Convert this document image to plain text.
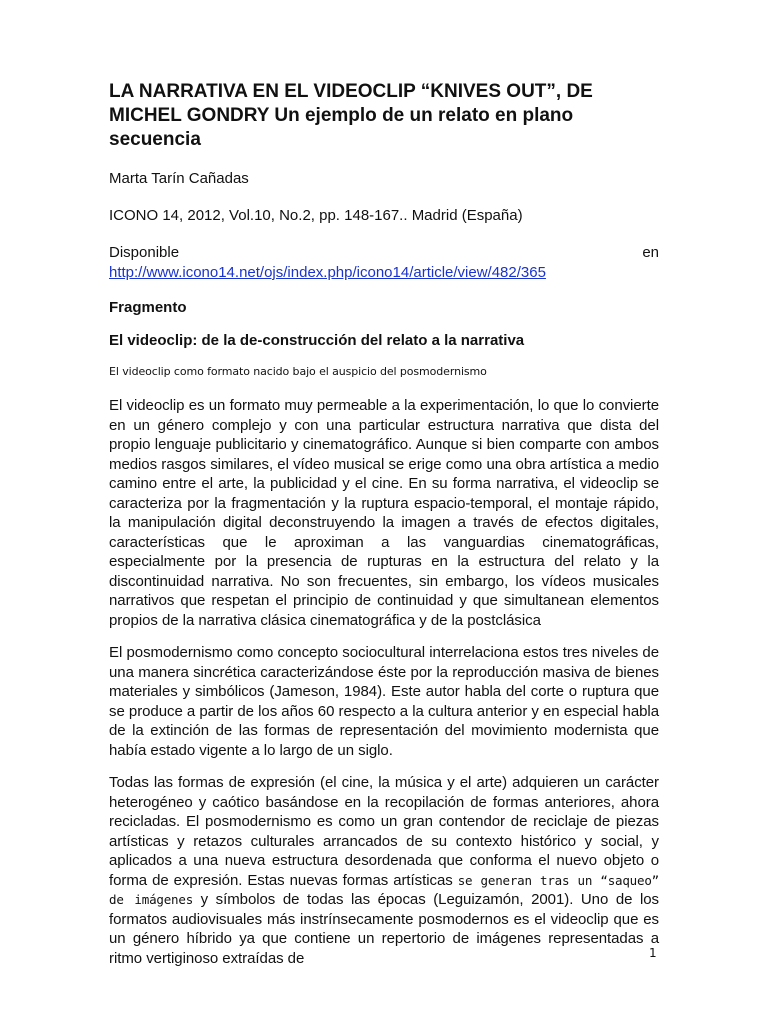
LA NARRATIVA EN EL VIDEOCLIP “KNIVES OUT”, DE MICHEL GONDRY Un ejemplo de un relato en plano secuencia
Marta Tarín Cañadas
ICONO 14, 2012, Vol.10, No.2, pp. 148-167.. Madrid (España)
Disponible	en
http://www.icono14.net/ojs/index.php/icono14/article/view/482/365
Fragmento
El videoclip: de la de-construcción del relato a la narrativa
El videoclip como formato nacido bajo el auspicio del posmodernismo

El videoclip es un formato muy permeable a la experimentación, lo que lo convierte en un género complejo y con una particular estructura narrativa que dista del propio lenguaje publicitario y cinematográfico. Aunque si bien comparte con ambos medios rasgos similares, el vídeo musical se erige como una obra artística a medio camino entre el arte, la publicidad y el cine. En su forma narrativa, el videoclip se caracteriza por la fragmentación y la ruptura espacio-temporal, el montaje rápido, la manipulación digital deconstruyendo la imagen a través de efectos digitales, características que le aproximan a las vanguardias cinematográficas, especialmente por la presencia de rupturas en la estructura del relato y la discontinuidad narrativa. No son frecuentes, sin embargo, los vídeos musicales narrativos que respetan el principio de continuidad y que simultanean elementos propios de la narrativa clásica cinematográfica y de la postclásica

El posmodernismo como concepto sociocultural interrelaciona estos tres niveles de una manera sincrética caracterizándose éste por la reproducción masiva de bienes materiales y simbólicos (Jameson, 1984). Este autor habla del corte o ruptura que se produce a partir de los años 60 respecto a la cultura anterior y en especial habla de la extinción de las formas de representación del movimiento modernista que había estado vigente a lo largo de un siglo.

Todas las formas de expresión (el cine, la música y el arte) adquieren un carácter heterogéneo y caótico basándose en la recopilación de formas anteriores, ahora recicladas. El posmodernismo es como un gran contendor de reciclaje de piezas artísticas y retazos culturales arrancados de su contexto histórico y social, y aplicados a una nueva estructura desordenada que conforma el nuevo objeto o forma de expresión. Estas nuevas formas artísticas se generan tras un “saqueo” de imágenes y símbolos de todas las épocas (Leguizamón, 2001). Uno de los formatos audiovisuales más instrínsecamente posmodernos es el videoclip que es un género híbrido ya que contiene un repertorio de imágenes representadas a ritmo vertiginoso extraídas de	1
